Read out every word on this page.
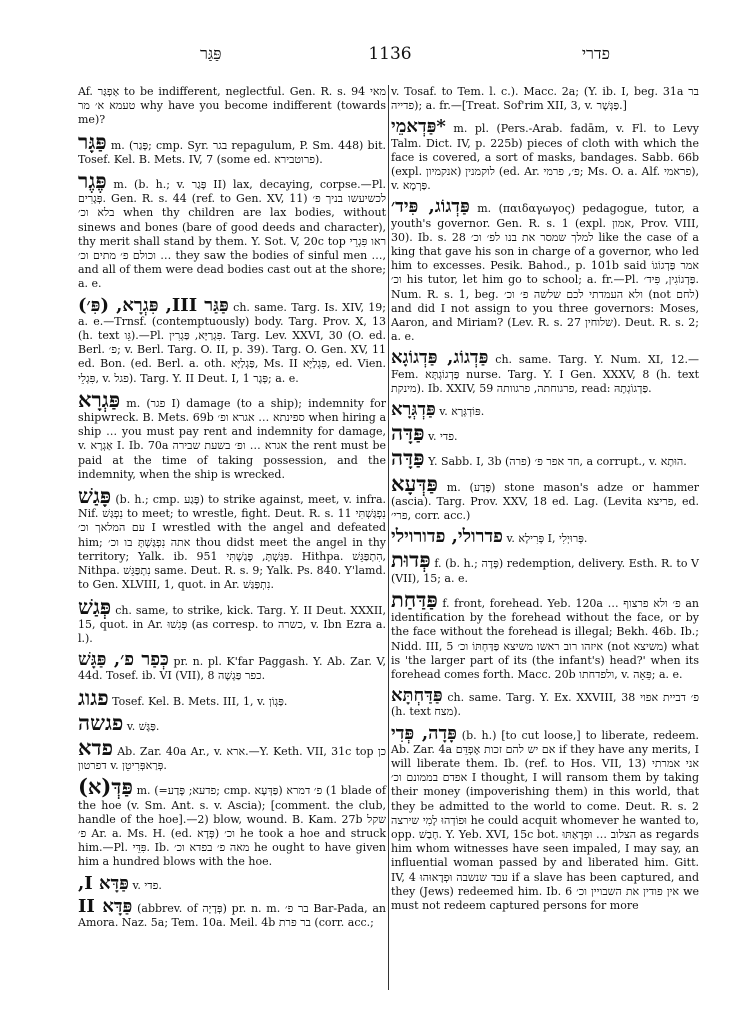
פַּגַּר	1136	פדרי

Af. אַפְגַּר to be indifferent, neglectful. Gen. R. s. 94 מאי טעמא א׳ מר why have you become indifferent (towards me)?

פַּגָּר m. (פָּגַר; cmp. Syr. בגר repagulum, P. Sm. 448) bit. Tosef. Kel. B. Mets. IV, 7 (some ed. פרוטבירא).

פֶּגֶר m. (b. h.; v. פָּגַר II) lax, decaying, corpse.—Pl. פְּגָרִים. Gen. R. s. 44 (ref. to Gen. XV, 11) לכשיעשו בניך פ׳ בלא וכ׳ when thy children are lax bodies, without sinews and bones (bare of good deeds and character), thy merit shall stand by them. Y. Sot. V, 20c top ראו פִּגְרֵי וכולם פ׳ מתים וכ׳ … they saw the bodies of sinful men …, and all of them were dead bodies cast out at the shore; a. e.

פַּגַּר III, פִּגְרָא, (פִּ׳) ch. same. Targ. Is. XIV, 19; a. e.—Trnsf. (contemptuously) body. Targ. Prov. X, 13 (h. text גֵּו).—Pl. פִּגְרַיָּא, פַּגְרִין. Targ. Lev. XXVI, 30 (O. ed. Berl. פ׳; v. Berl. Targ. O. II, p. 39). Targ. O. Gen. XV, 11 ed. Bon. (ed. Berl. a. oth. פַּגְלַיָּא, Ms. II פִּגְלַיָּא, ed. Vien. פִּגְלֵי, v. פגל). Targ. Y. II Deut. I, 1 פְּגָר; a. e.

פַּגְרָא m. (פגר I) damage (to a ship); indemnity for shipwreck. B. Mets. 69b ספינתא … אגרא ופ׳ when hiring a ship … you must pay rent and indemnity for damage, v. אַגְרָא I. Ib. 70a אגרא … ופ׳ בשעת שבירה the rent must be paid at the time of taking possession, and the indemnity, when the ship is wrecked.

פָּגַשׁ (b. h.; cmp. פָּגַע) to strike against, meet, v. infra. Nif. נִפְגַּשׁ to meet; to wrestle, fight. Deut. R. s. 11 נִפְגַּשְׁתִּי עם המלאך וכ׳ I wrestled with the angel and defeated him; אתה נִפְגַּשְׁתָּ בו וכ׳ thou didst meet the angel in thy territory; Yalk. ib. 951 פִּגַּשְׁתָּ, פָּגַשְׁתִּי. Hithpa. הִתְפַּגֵּשׁ, Nithpa. נִתְפַּגֵּשׁ same. Deut. R. s. 9; Yalk. Ps. 840. Y'lamd. to Gen. XLVIII, 1, quot. in Ar. נִתְפַּגַּשׁ.

פְּגַשׁ ch. same, to strike, kick. Targ. Y. II Deut. XXXII, 15, quot. in Ar. פְּגִשׁוּ (as corresp. to כשרה, v. Ibn Ezra a. l.).

כְּפַר פ׳, פַּגָּשׁ pr. n. pl. K'far Paggash. Y. Ab. Zar. V, 44d. Tosef. ib. VI (VII), 8 כפר פַּגְשָׁה.

פגוג Tosef. Kel. B. Mets. III, 1, v. פַּגְוֹן.

פגשה v. פַּגָּשׁ.

פדא Ab. Zar. 40a Ar., v. ארא.—Y. Keth. VII, 31c top כן דפרטון v. פְּרַאפְּרִיטֵן.

פַּדְּ(א) m. (=פדעא; פָּדַע; cmp. פַּדְּעָא) 1) פ׳ דמרא blade of the hoe (v. Sm. Ant. s. v. Ascia); [comment. the club, handle of the hoe].—2) blow, wound. B. Kam. 27b שקל פ׳ Ar. a. Ms. H. (ed. פְּדָא) וכ׳ he took a hoe and struck him.—Pl. פִּדֵּי. Ib. מאה פ׳ בפדא וכ׳ he ought to have given him a hundred blows with the hoe.

פַּדָּא I, v. פדי.

פַּדָּא II (abbrev. of פְּדָיָה) pr. n. m. בר פ׳ Bar-Pada, an Amora. Naz. 5a; Tem. 10a. Meil. 4b בר פרת (corr. acc.;

v. Tosaf. to Tem. l. c.). Macc. 2a; (Y. ib. I, beg. 31a בר פדייה); a. fr.—[Treat. Sof'rim XII, 3, v. פַּגְּשָׁר.]

*פַּדְאמֵי m. pl. (Pers.-Arab. fadām, v. Fl. to Levy Talm. Dict. IV, p. 225b) pieces of cloth with which the face is covered, a sort of masks, bandages. Sabb. 66b (expl. אנקמיון) לוקמנין (ed. Ar. פ׳, פרמי; Ms. O. a. Alf. פראמי), v. פַּרְמָא.

פַּדְגוֹג, פִּיד׳ m. (παιδαγωγος) pedagogue, tutor, a youth's governor. Gen. R. s. 1 (expl. אמון, Prov. VIII, 30). Ib. s. 28 למלך שמסר את בנו לפ׳ וכ׳ like the case of a king that gave his son in charge of a governor, who led him to excesses. Pesik. Bahod., p. 101b said אמר פַּדְגוֹגוֹ וכ׳ his tutor, let him go to school; a. fr.—Pl. פַּדְגוֹגִין, פִּיד׳. Num. R. s. 1, beg. ולא העמדתי לכם שלשה פ׳ וכ׳ (not לחם) and did I not assign to you three governors: Moses, Aaron, and Miriam? (Lev. R. s. 27 שלוחין). Deut. R. s. 2; a. e.

פַּדְגוֹג, פַּדְגוֹגָא ch. same. Targ. Y. Num. XI, 12.—Fem. פַּדְגוֹגְתָּא nurse. Targ. Y. I Gen. XXXV, 8 (h. text מינקת). Ib. XXIV, 59 פרגוחתה, פרגוותה, read: פַּדְגוֹגְתָהּ.

פַּדְגְּרָא v. פּוֹדְגְּרָא.

פַּדָּה v. פדי.

פַּדָּה Y. Sabb. I, 3b (פרה) חד אפר פ׳, a corrupt., v. הוּתָא.

פַּדְּעָא m. (פָּדַע) stone mason's adze or hammer (ascia). Targ. Prov. XXV, 18 ed. Lag. (Levita פריצא, ed. פרי׳, corr. acc.)

פדרולי, פדורוילי v. פְּרִילָא I, פְּרוּיְלִי.

פְּדוּת f. (b. h.; פָּדָה) redemption, delivery. Esth. R. to V (VII), 15; a. e.

פַּדַּחַת f. front, forehead. Yeb. 120a … פ׳ ולא פרצוף an identification by the forehead without the face, or by the face without the forehead is illegal; Bekh. 46b. Ib.; Nidd. III, 5 איזהו רוב ראשו משיצא פַּדַּחְתּוֹ וכ׳ (not משיצא) what is 'the larger part of its (the infant's) head?' when its forehead comes forth. Macc. 20b ולפדחתו, v. פֵּאָה; a. e.

פַּדַּחְתָּא ch. same. Targ. Y. Ex. XXVIII, 38 פ׳ דביית אפוי (h. text מצח).

פָּדָה, פְּדִי (b. h.) [to cut loose,] to liberate, redeem. Ab. Zar. 4a אם יש להם זכות אֶפְדֵּם if they have any merits, I will liberate them. Ib. (ref. to Hos. VII, 13) אני אמרתי אפדם בממונם וכ׳ I thought, I will ransom them by taking their money (impoverishing them) in this world, that they be admitted to the world to come. Deut. R. s. 2 וּפוֹדְהוּ לָמִי שירצה he could acquit whomever he wanted to, opp. חָבַשׁ. Y. Yeb. XVI, 15c bot. הצלוב … וּפְדָאַתּוּ as regards him whom witnesses have seen impaled, I may say, an influential woman passed by and liberated him. Gitt. IV, 4 עבד שנשבה וּפְדָאוּהוּ if a slave has been captured, and they (Jews) redeemed him. Ib. 6 אין פודין את השבויין וכ׳ we must not redeem captured persons for more
